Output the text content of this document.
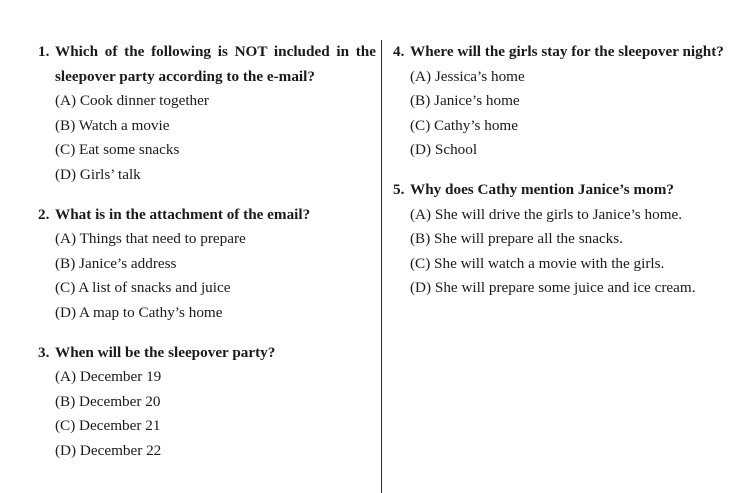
1. Which of the following is NOT included in the sleepover party according to the e-mail?
(A) Cook dinner together
(B) Watch a movie
(C) Eat some snacks
(D) Girls’ talk
2. What is in the attachment of the email?
(A) Things that need to prepare
(B) Janice’s address
(C) A list of snacks and juice
(D) A map to Cathy’s home
3. When will be the sleepover party?
(A) December 19
(B) December 20
(C) December 21
(D) December 22
4. Where will the girls stay for the sleepover night?
(A) Jessica’s home
(B) Janice’s home
(C) Cathy’s home
(D) School
5. Why does Cathy mention Janice’s mom?
(A) She will drive the girls to Janice’s home.
(B) She will prepare all the snacks.
(C) She will watch a movie with the girls.
(D) She will prepare some juice and ice cream.
